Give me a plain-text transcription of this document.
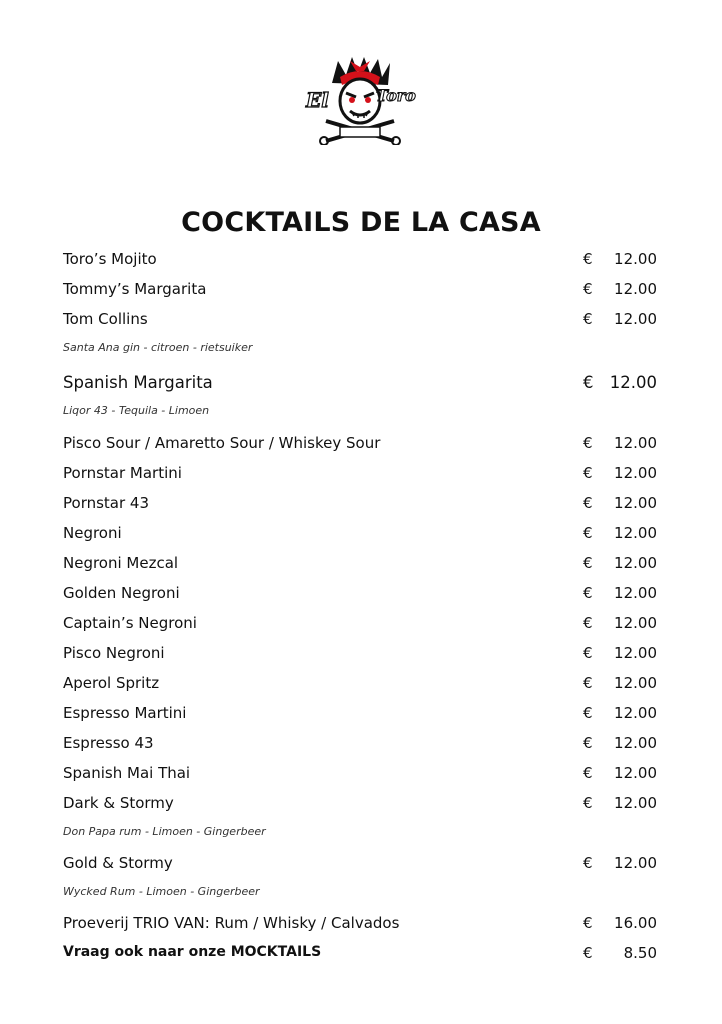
El	Toro
COCKTAILS DE LA CASA
Toro’s Mojito	€ 12.00
Tommy’s Margarita	€ 12.00
Tom Collins	€ 12.00
Santa Ana gin - citroen - rietsuiker
Spanish Margarita	€ 12.00
Liqor 43 - Tequila - Limoen
Pisco Sour / Amaretto Sour / Whiskey Sour	€ 12.00
Pornstar Martini	€ 12.00
Pornstar 43	€ 12.00
Negroni	€ 12.00
Negroni Mezcal	€ 12.00
Golden Negroni	€ 12.00
Captain’s Negroni	€ 12.00
Pisco Negroni	€ 12.00
Aperol Spritz	€ 12.00
Espresso Martini	€ 12.00
Espresso 43	€ 12.00
Spanish Mai Thai	€ 12.00
Dark & Stormy	€ 12.00
Don Papa rum - Limoen - Gingerbeer
Gold & Stormy	€ 12.00
Wycked Rum - Limoen - Gingerbeer
Proeverij TRIO VAN: Rum / Whisky / Calvados	€ 16.00
Vraag ook naar onze MOCKTAILS	€ 8.50
